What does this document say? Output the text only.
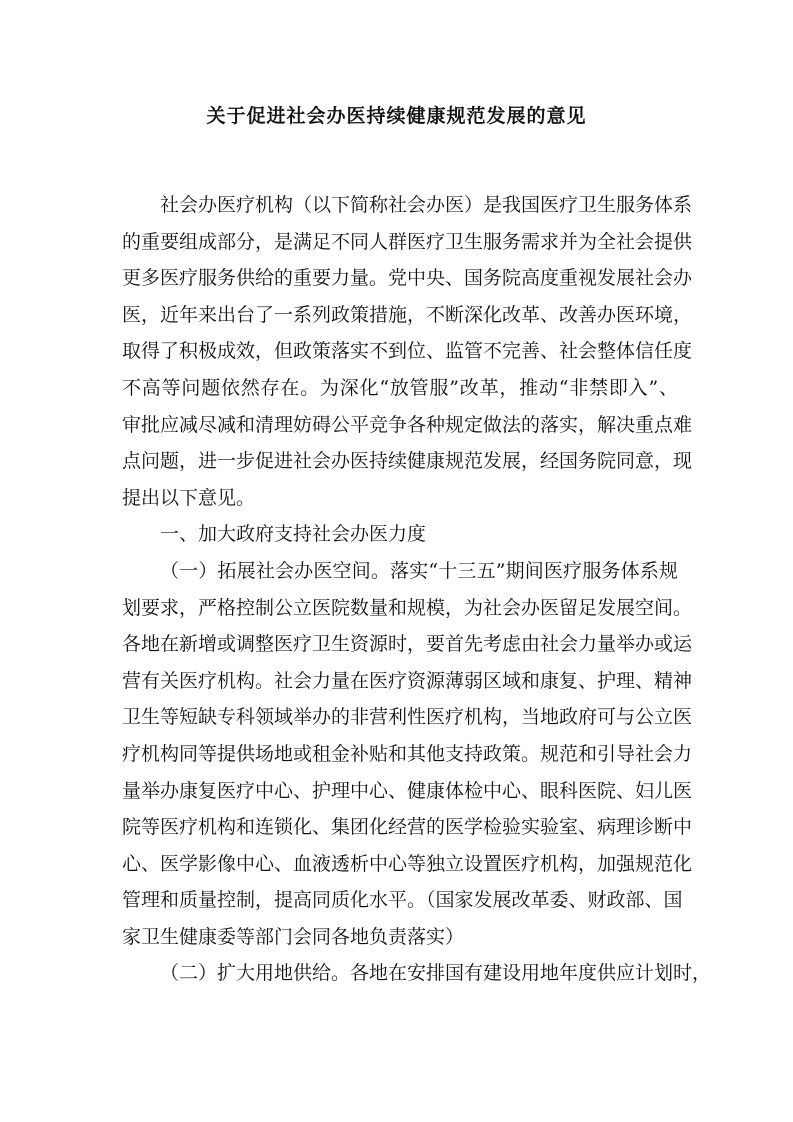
关于促进社会办医持续健康规范发展的意见
社会办医疗机构（以下简称社会办医）是我国医疗卫生服务体系
的重要组成部分，是满足不同人群医疗卫生服务需求并为全社会提供
更多医疗服务供给的重要力量。党中央、国务院高度重视发展社会办
医，近年来出台了一系列政策措施，不断深化改革、改善办医环境，
取得了积极成效，但政策落实不到位、监管不完善、社会整体信任度
不高等问题依然存在。为深化“放管服”改革，推动“非禁即入”、
审批应减尽减和清理妨碍公平竞争各种规定做法的落实，解决重点难
点问题，进一步促进社会办医持续健康规范发展，经国务院同意，现
提出以下意见。
一、加大政府支持社会办医力度
（一）拓展社会办医空间。落实“十三五”期间医疗服务体系规
划要求，严格控制公立医院数量和规模，为社会办医留足发展空间。
各地在新增或调整医疗卫生资源时，要首先考虑由社会力量举办或运
营有关医疗机构。社会力量在医疗资源薄弱区域和康复、护理、精神
卫生等短缺专科领域举办的非营利性医疗机构，当地政府可与公立医
疗机构同等提供场地或租金补贴和其他支持政策。规范和引导社会力
量举办康复医疗中心、护理中心、健康体检中心、眼科医院、妇儿医
院等医疗机构和连锁化、集团化经营的医学检验实验室、病理诊断中
心、医学影像中心、血液透析中心等独立设置医疗机构，加强规范化
管理和质量控制，提高同质化水平。（国家发展改革委、财政部、国
家卫生健康委等部门会同各地负责落实）
（二）扩大用地供给。各地在安排国有建设用地年度供应计划时，
